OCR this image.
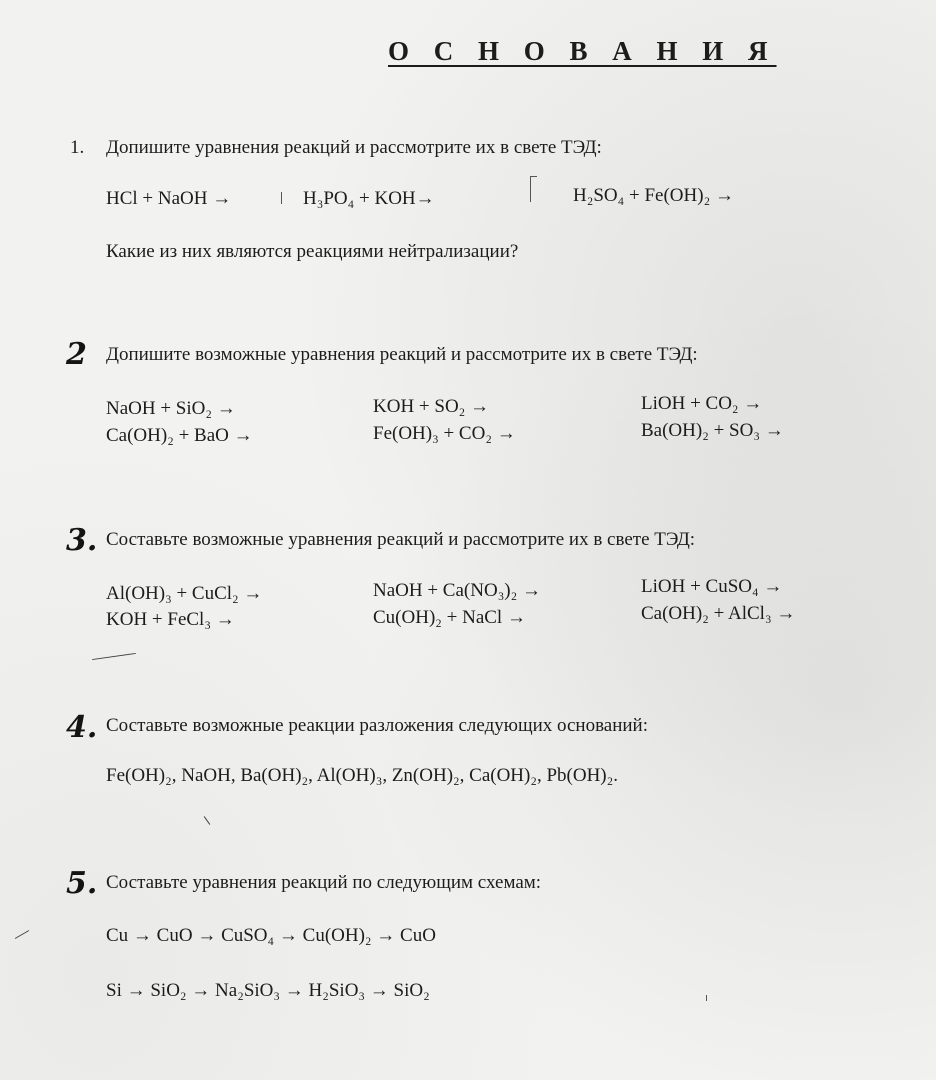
О С Н О В А Н И Я
1. Допишите уравнения реакций и рассмотрите их в свете ТЭД:
HCl + NaOH →	H₃PO₄ + KOH→	H₂SO₄ + Fe(OH)₂ →
Какие из них являются реакциями нейтрализации?
2 Допишите возможные уравнения реакций и рассмотрите их в свете ТЭД:
NaOH + SiO₂ →	KOH + SO₂ →	LiOH + CO₂ →
Ca(OH)₂ + BaO →	Fe(OH)₃ + CO₂ →	Ba(OH)₂ + SO₃ →
3. Составьте возможные уравнения реакций и рассмотрите их в свете ТЭД:
Al(OH)₃ + CuCl₂ →	NaOH + Ca(NO₃)₂ →	LiOH + CuSO₄ →
KOH + FeCl₃ →	Cu(OH)₂ + NaCl →	Ca(OH)₂ + AlCl₃ →
4. Составьте возможные реакции разложения следующих оснований:
Fe(OH)₂, NaOH, Ba(OH)₂, Al(OH)₃, Zn(OH)₂, Ca(OH)₂, Pb(OH)₂.
5. Составьте уравнения реакций по следующим схемам:
Cu → CuO → CuSO₄ → Cu(OH)₂ → CuO
Si → SiO₂ → Na₂SiO₃ → H₂SiO₃ → SiO₂
